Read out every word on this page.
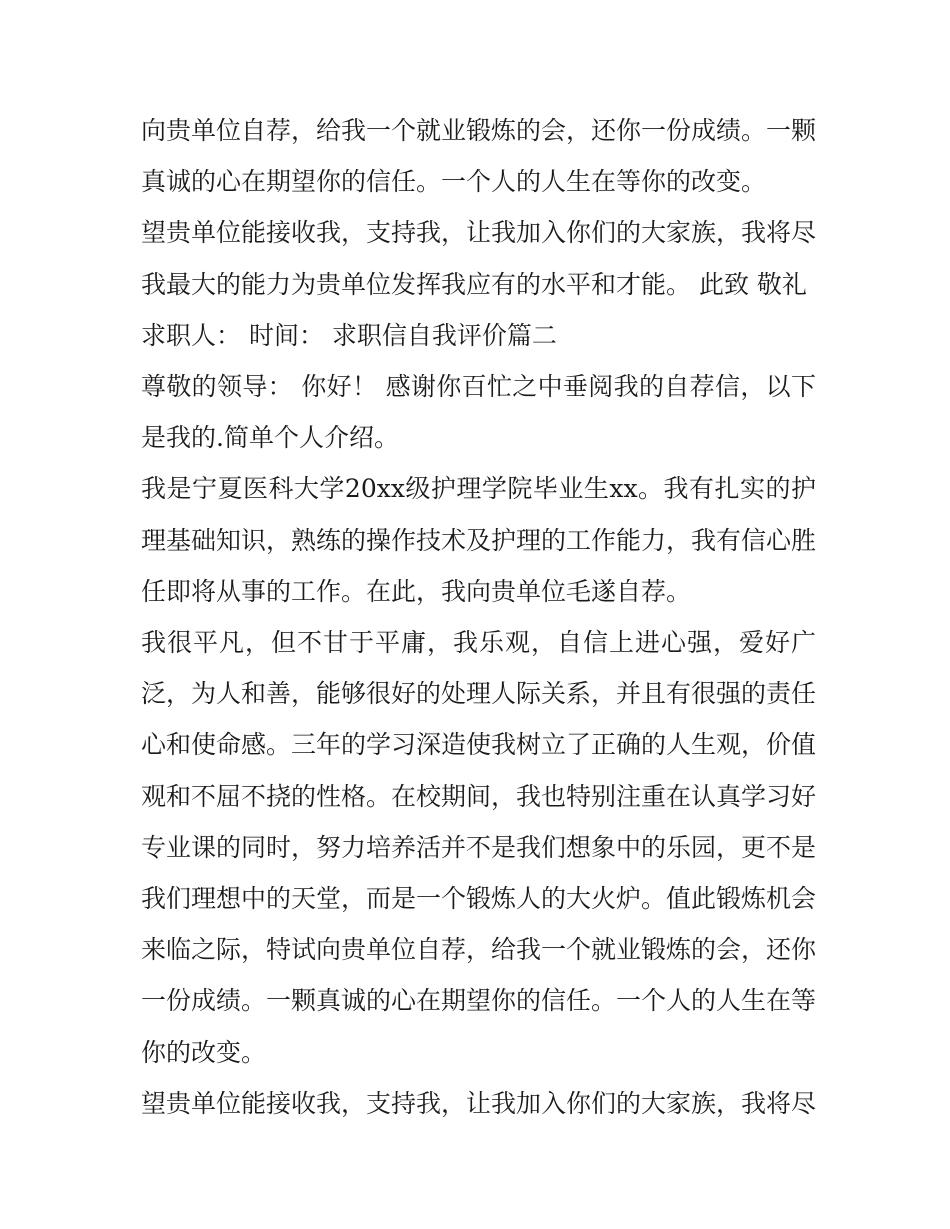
向贵单位自荐，给我一个就业锻炼的会，还你一份成绩。一颗真诚的心在期望你的信任。一个人的人生在等你的改变。

望贵单位能接收我，支持我，让我加入你们的大家族，我将尽我最大的能力为贵单位发挥我应有的水平和才能。 此致 敬礼

求职人： 时间： 求职信自我评价篇二

尊敬的领导： 你好！ 感谢你百忙之中垂阅我的自荐信，以下是我的.简单个人介绍。

我是宁夏医科大学20xx级护理学院毕业生xx。我有扎实的护理基础知识，熟练的操作技术及护理的工作能力，我有信心胜任即将从事的工作。在此，我向贵单位毛遂自荐。

我很平凡，但不甘于平庸，我乐观，自信上进心强，爱好广泛，为人和善，能够很好的处理人际关系，并且有很强的责任心和使命感。三年的学习深造使我树立了正确的人生观，价值观和不屈不挠的性格。在校期间，我也特别注重在认真学习好专业课的同时，努力培养活并不是我们想象中的乐园，更不是我们理想中的天堂，而是一个锻炼人的大火炉。值此锻炼机会来临之际，特试向贵单位自荐，给我一个就业锻炼的会，还你一份成绩。一颗真诚的心在期望你的信任。一个人的人生在等你的改变。

望贵单位能接收我，支持我，让我加入你们的大家族，我将尽
